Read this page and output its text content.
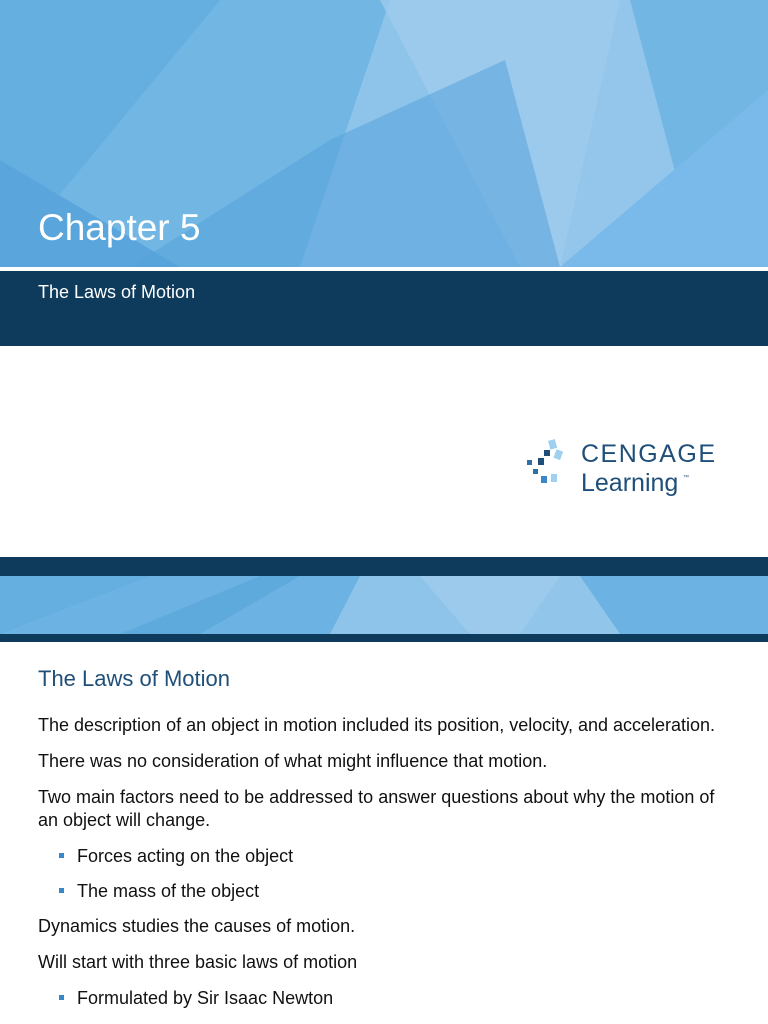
Chapter 5
The Laws of Motion
CENGAGE
Learning ™
The Laws of Motion

The description of an object in motion included its position, velocity, and acceleration.

There was no consideration of what might influence that motion.

Two main factors need to be addressed to answer questions about why the motion of an object will change.

Forces acting on the object
The mass of the object

Dynamics studies the causes of motion.

Will start with three basic laws of motion

Formulated by Sir Isaac Newton
